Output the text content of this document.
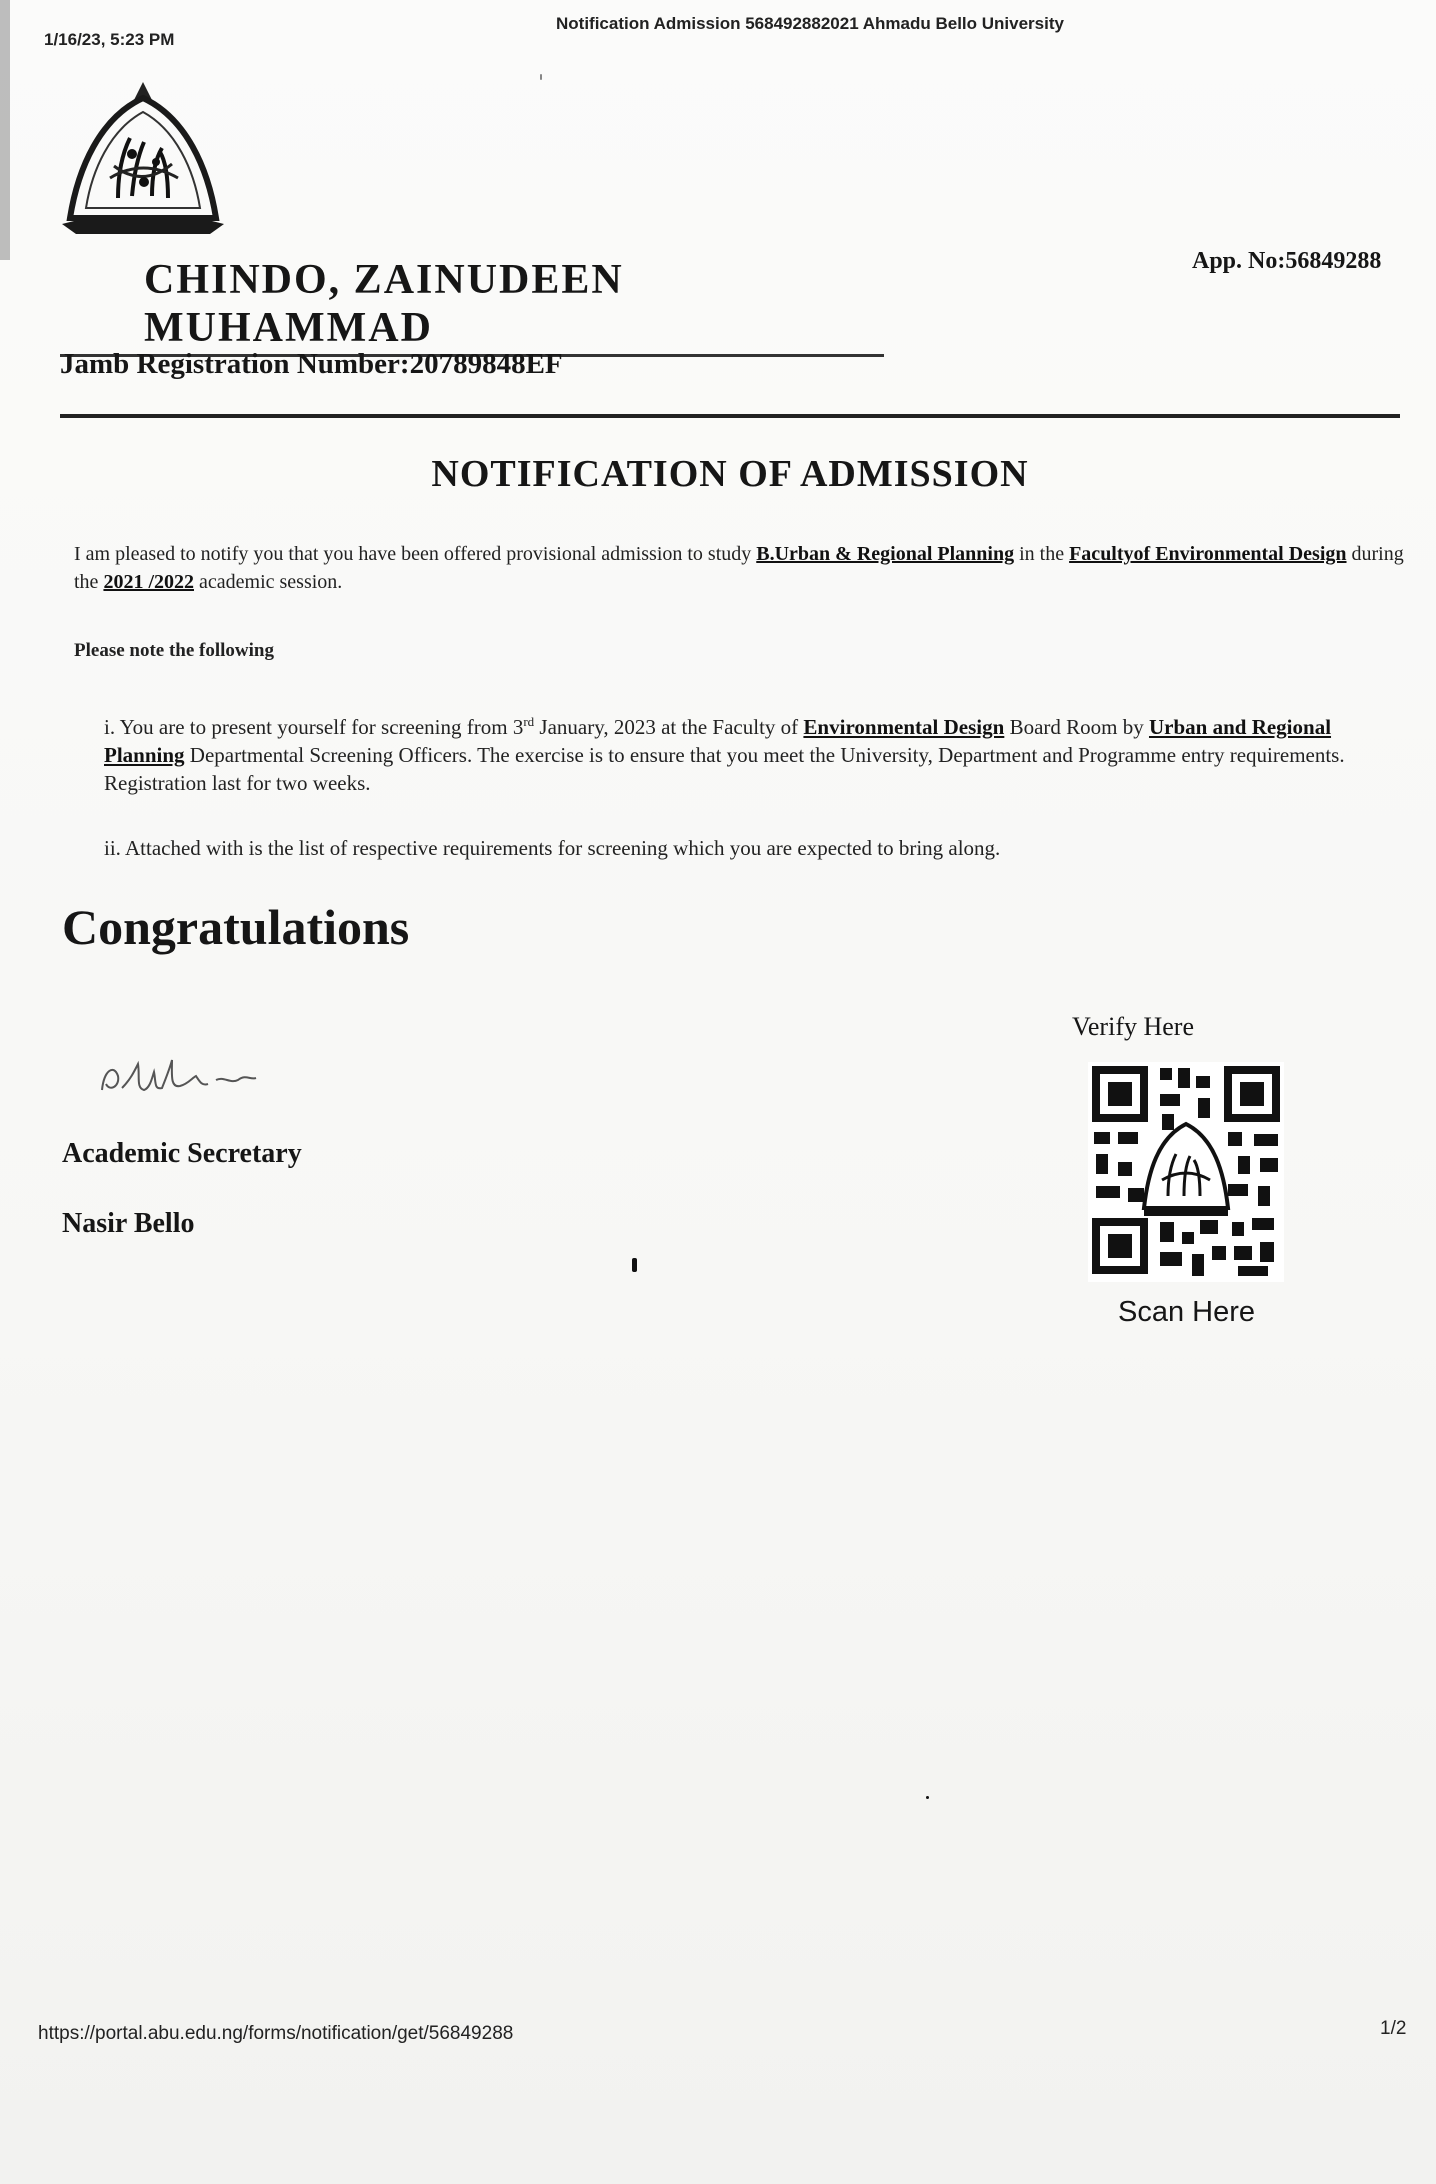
1/16/23, 5:23 PM
Notification Admission 568492882021 Ahmadu Bello University
CHINDO, ZAINUDEEN MUHAMMAD
App. No:56849288
Jamb Registration Number:20789848EF
NOTIFICATION OF ADMISSION
I am pleased to notify you that you have been offered provisional admission to study B.Urban & Regional Planning in the Facultyof Environmental Design during the 2021 /2022 academic session.
Please note the following
i. You are to present yourself for screening from 3rd January, 2023 at the Faculty of Environmental Design Board Room by Urban and Regional Planning Departmental Screening Officers. The exercise is to ensure that you meet the University, Department and Programme entry requirements. Registration last for two weeks.
ii. Attached with is the list of respective requirements for screening which you are expected to bring along.
Congratulations
Academic Secretary
Nasir Bello
Verify Here
Scan Here
https://portal.abu.edu.ng/forms/notification/get/56849288	1/2
